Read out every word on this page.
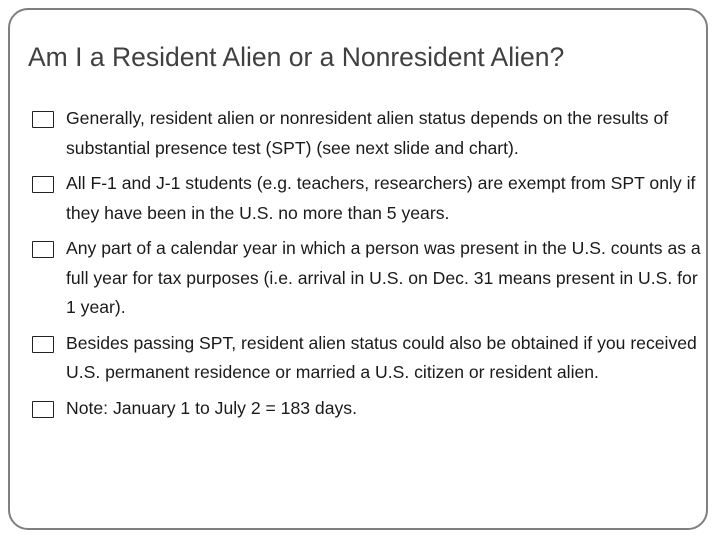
Am I a Resident Alien or a Nonresident Alien?
Generally, resident alien or nonresident alien status depends on the results of substantial presence test (SPT) (see next slide and chart).
All F-1 and J-1 students (e.g. teachers, researchers) are exempt from SPT only if they have been in the U.S. no more than 5 years.
Any part of a calendar year in which a person was present in the U.S. counts as a full year for tax purposes (i.e. arrival in U.S. on Dec. 31 means present in U.S. for 1 year).
Besides passing SPT, resident alien status could also be obtained if you received U.S. permanent residence or married a U.S. citizen or resident alien.
Note: January 1 to July 2 = 183 days.
